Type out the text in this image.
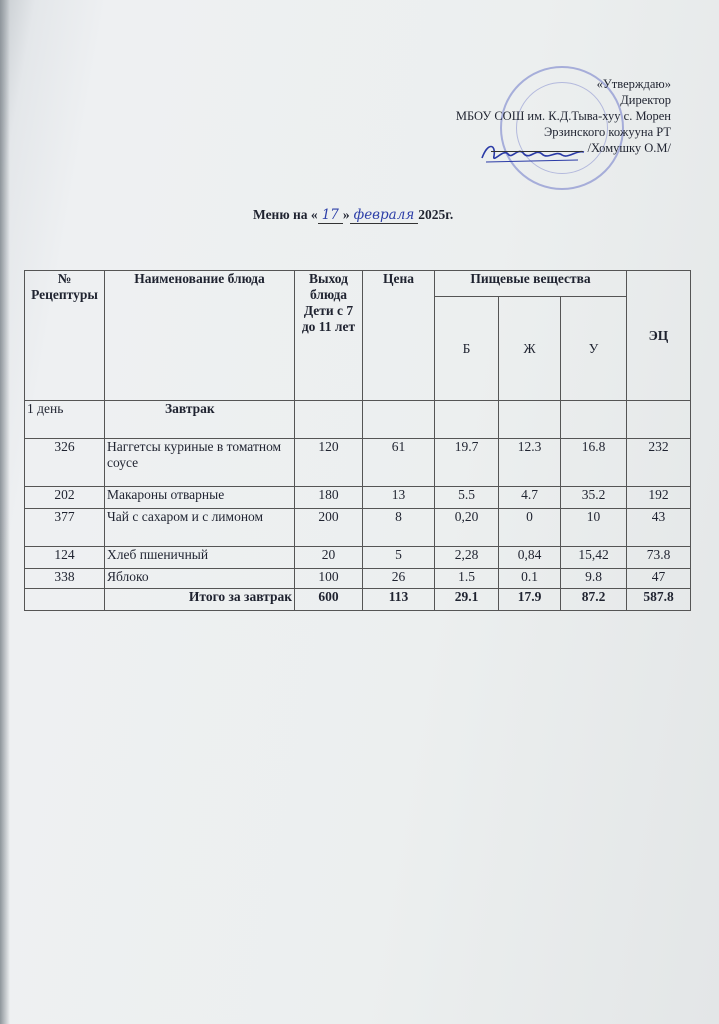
«Утверждаю»
Директор
МБОУ СОШ им. К.Д.Тыва-хуу с. Морен
Эрзинского кожууна РТ
/Хомушку О.М/
Меню на « 17 » февраля 2025г.
№ Рецептуры	Наименование блюда	Выход блюда Дети с 7 до 11 лет	Цена	Пищевые вещества			ЭЦ
				Б	Ж	У	
1 день	Завтрак						
326	Наггетсы куриные в томатном соусе	120	61	19.7	12.3	16.8	232
202	Макароны отварные	180	13	5.5	4.7	35.2	192
377	Чай с сахаром и с лимоном	200	8	0,20	0	10	43
124	Хлеб пшеничный	20	5	2,28	0,84	15,42	73.8
338	Яблоко	100	26	1.5	0.1	9.8	47
	Итого за завтрак	600	113	29.1	17.9	87.2	587.8
